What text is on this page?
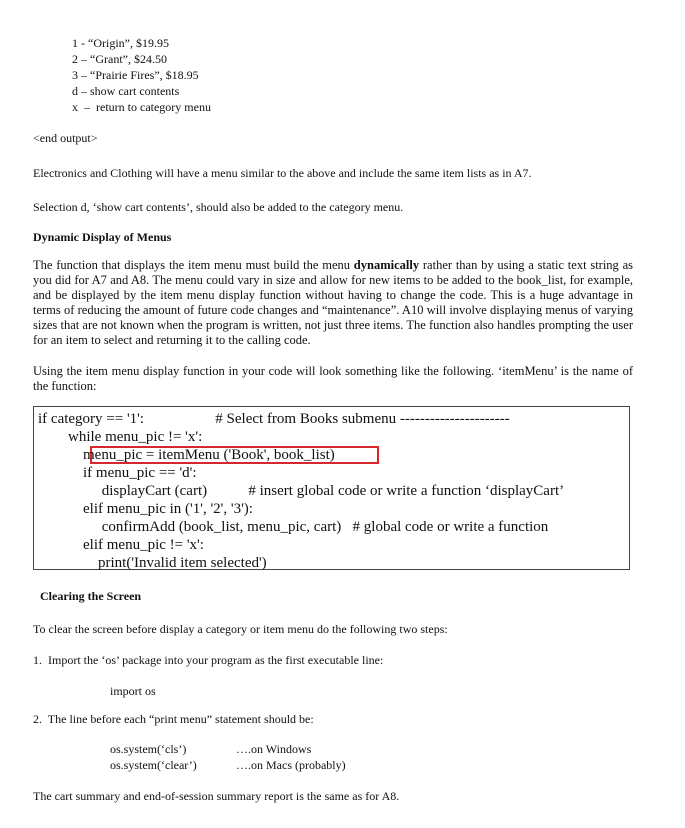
1 - “Origin”, $19.95
2 – “Grant”, $24.50
3 – “Prairie Fires”, $18.95
d – show cart contents
x  –  return to category menu
<end output>
Electronics and Clothing will have a menu similar to the above and include the same item lists as in A7.
Selection d, ‘show cart contents’, should also be added to the category menu.
Dynamic Display of Menus
The function that displays the item menu must build the menu dynamically rather than by using a static text string as you did for A7 and A8. The menu could vary in size and allow for new items to be added to the book_list, for example, and be displayed by the item menu display function without having to change the code. This is a huge advantage in terms of reducing the amount of future code changes and “maintenance”. A10 will involve displaying menus of varying sizes that are not known when the program is written, not just three items. The function also handles prompting the user for an item to select and returning it to the calling code.
Using the item menu display function in your code will look something like the following. ‘itemMenu’ is the name of the function:
if category == '1':                   # Select from Books submenu ----------------------
while menu_pic != 'x':
menu_pic = itemMenu ('Book', book_list)
if menu_pic == 'd':
displayCart (cart)           # insert global code or write a function ‘displayCart’
elif menu_pic in ('1', '2', '3'):
confirmAdd (book_list, menu_pic, cart)   # global code or write a function
elif menu_pic != 'x':
print('Invalid item selected')
Clearing the Screen
To clear the screen before display a category or item menu do the following two steps:
1.  Import the ‘os’ package into your program as the first executable line:
import os
2.  The line before each “print menu” statement should be:
os.system(‘cls’)	….on Windows
os.system(‘clear’)	….on Macs (probably)
The cart summary and end-of-session summary report is the same as for A8.
